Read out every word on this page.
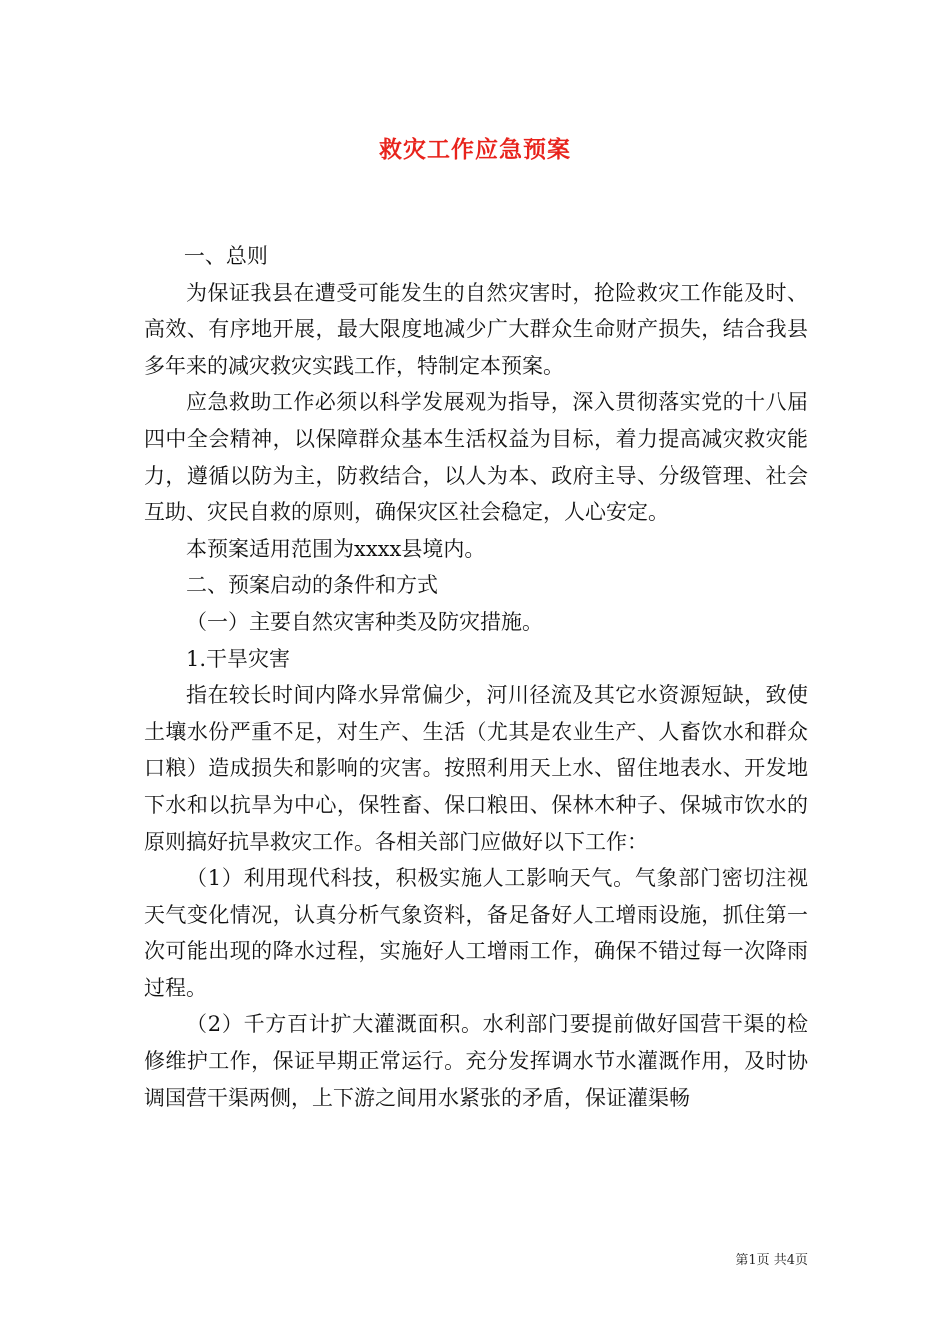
救灾工作应急预案

一、总则

为保证我县在遭受可能发生的自然灾害时，抢险救灾工作能及时、高效、有序地开展，最大限度地减少广大群众生命财产损失，结合我县多年来的减灾救灾实践工作，特制定本预案。

应急救助工作必须以科学发展观为指导，深入贯彻落实党的十八届四中全会精神，以保障群众基本生活权益为目标，着力提高减灾救灾能力，遵循以防为主，防救结合，以人为本、政府主导、分级管理、社会互助、灾民自救的原则，确保灾区社会稳定，人心安定。

本预案适用范围为xxxx县境内。

二、预案启动的条件和方式

（一）主要自然灾害种类及防灾措施。

1.干旱灾害

指在较长时间内降水异常偏少，河川径流及其它水资源短缺，致使土壤水份严重不足，对生产、生活（尤其是农业生产、人畜饮水和群众口粮）造成损失和影响的灾害。按照利用天上水、留住地表水、开发地下水和以抗旱为中心，保牲畜、保口粮田、保林木种子、保城市饮水的原则搞好抗旱救灾工作。各相关部门应做好以下工作：

（1）利用现代科技，积极实施人工影响天气。气象部门密切注视天气变化情况，认真分析气象资料，备足备好人工增雨设施，抓住第一次可能出现的降水过程，实施好人工增雨工作，确保不错过每一次降雨过程。

（2）千方百计扩大灌溉面积。水利部门要提前做好国营干渠的检修维护工作，保证早期正常运行。充分发挥调水节水灌溉作用，及时协调国营干渠两侧，上下游之间用水紧张的矛盾，保证灌渠畅

第1页 共4页
